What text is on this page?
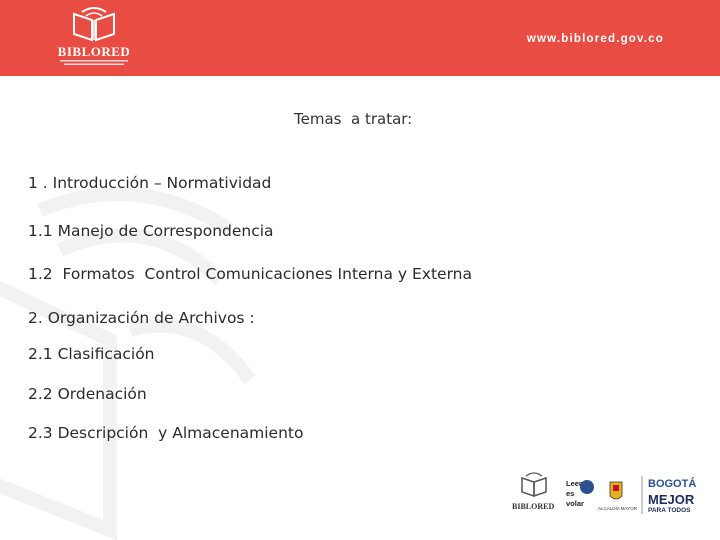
BIBLORED
www.biblored.gov.co
Temas  a tratar:
1 . Introducción – Normatividad
1.1 Manejo de Correspondencia
1.2  Formatos  Control Comunicaciones Interna y Externa
2. Organización de Archivos :
2.1 Clasificación
2.2 Ordenación
2.3 Descripción  y Almacenamiento
BIBLORED
Leer
es
volar
ALCALDÍA MAYOR
BOGOTÁ
MEJOR
PARA TODOS
